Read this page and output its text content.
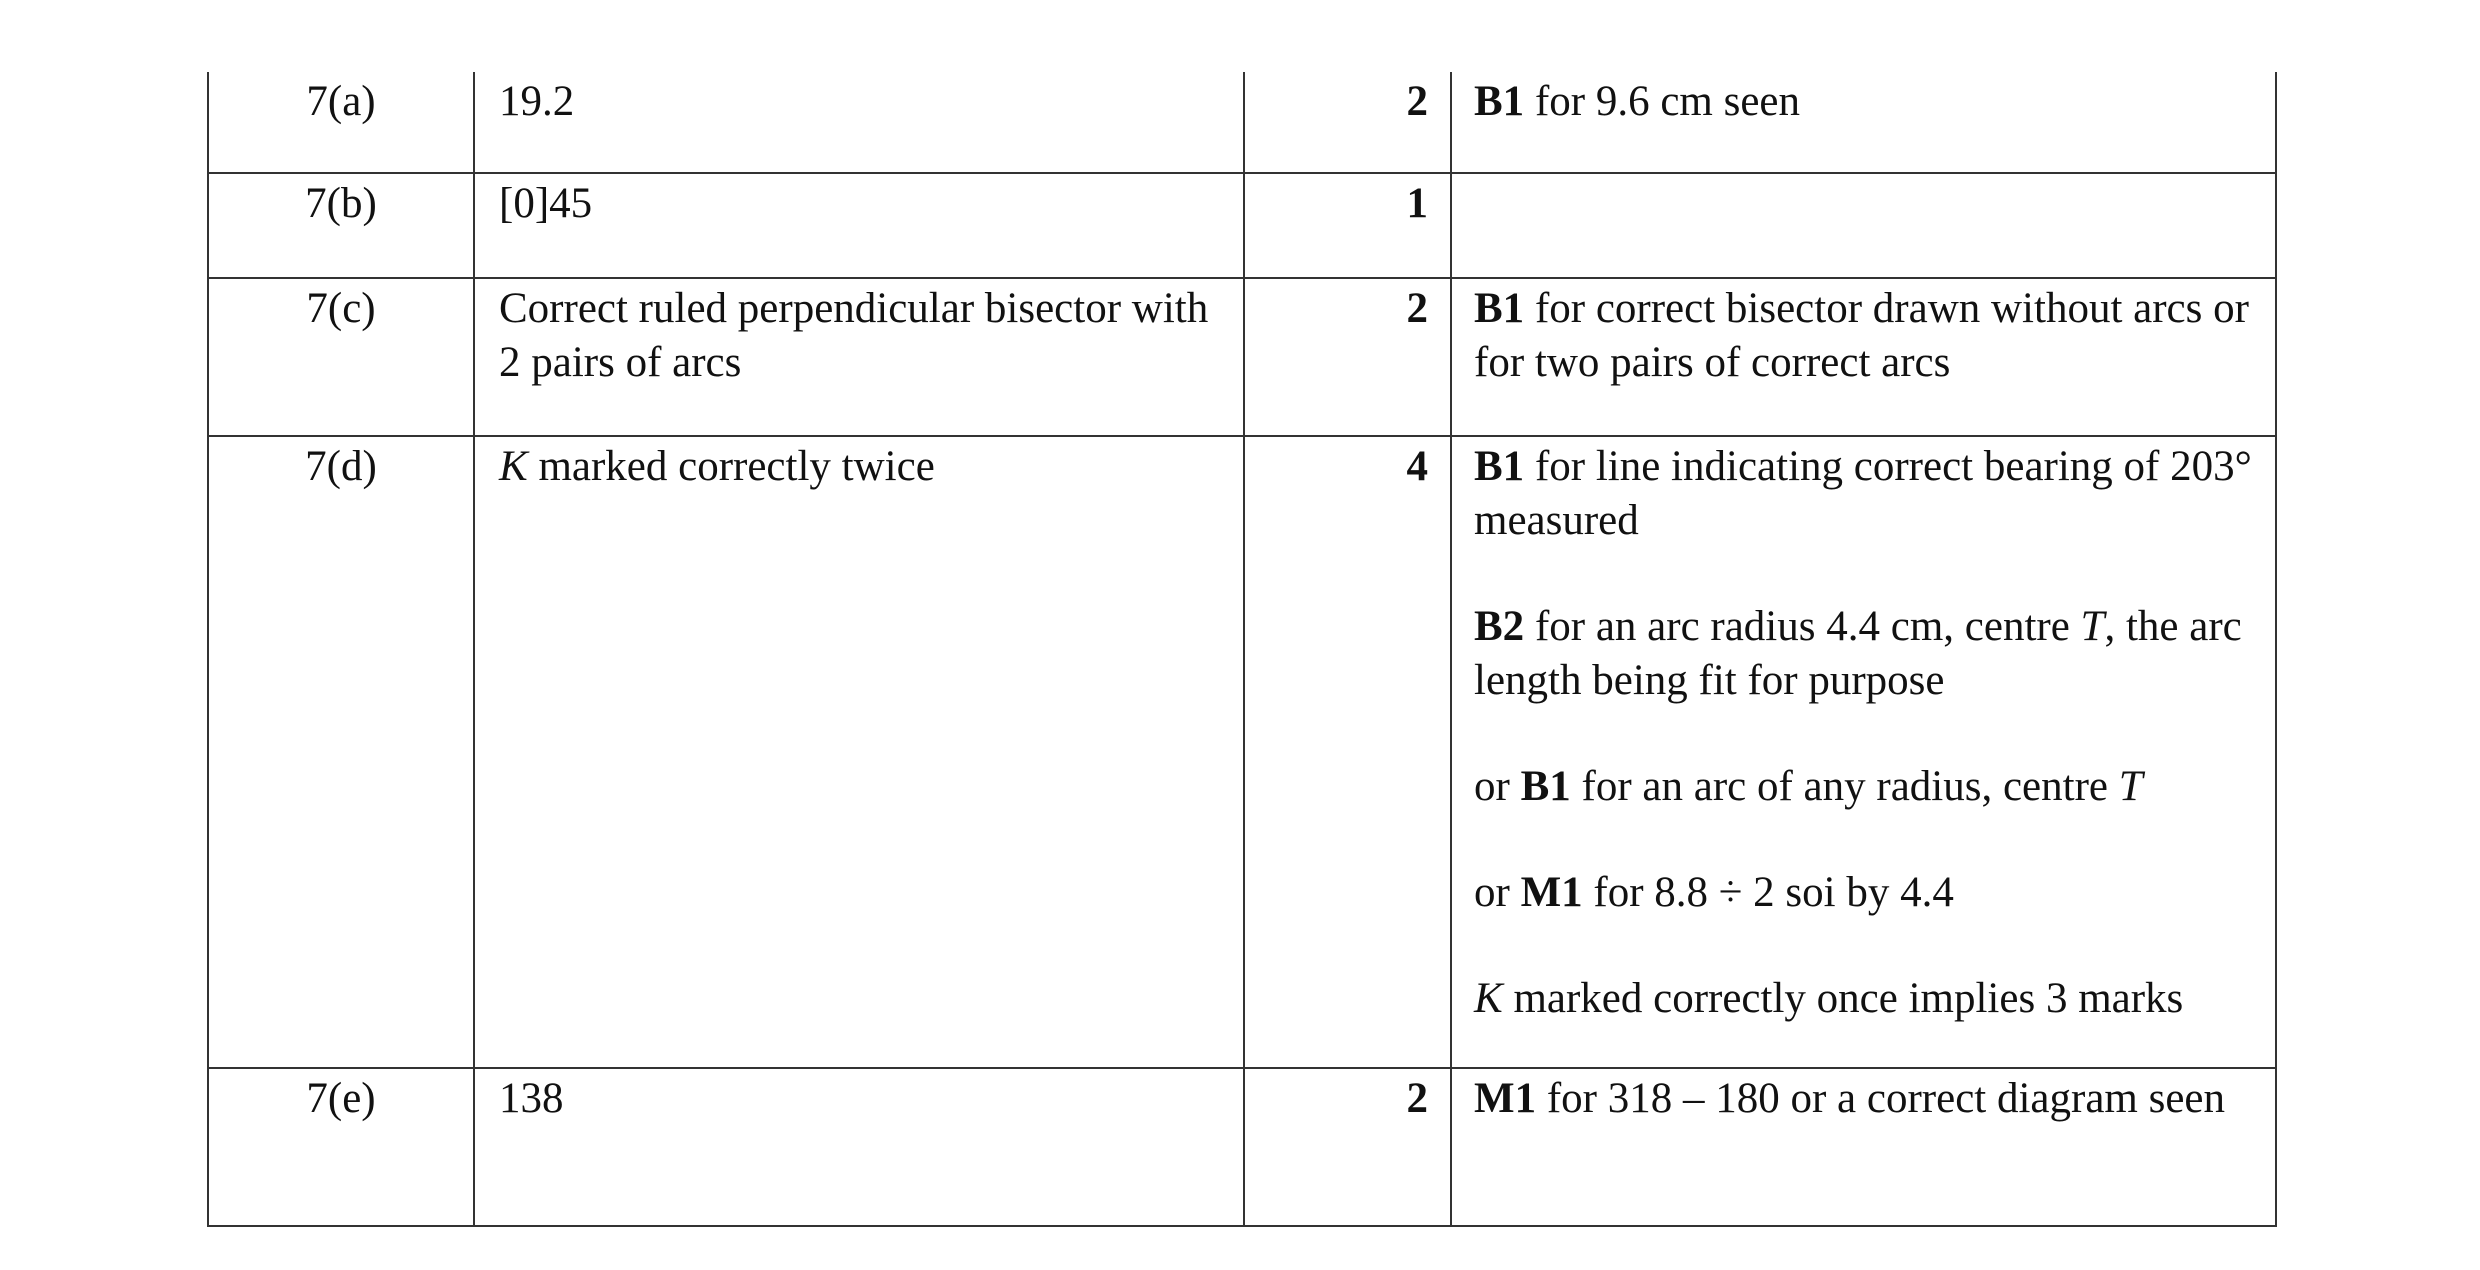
7(a)	19.2	2	B1 for 9.6 cm seen

7(b)	[0]45	1	
7(c)	Correct ruled perpendicular bisector with 2 pairs of arcs	2	B1 for correct bisector drawn without arcs or for two pairs of correct arcs

7(d)	K marked correctly twice	4	B1 for line indicating correct bearing of 203° measured

B2 for an arc radius 4.4 cm, centre T, the arc length being fit for purpose

or B1 for an arc of any radius, centre T

or M1 for 8.8 ÷ 2 soi by 4.4

K marked correctly once implies 3 marks

7(e)	138	2	M1 for 318 – 180 or a correct diagram seen
